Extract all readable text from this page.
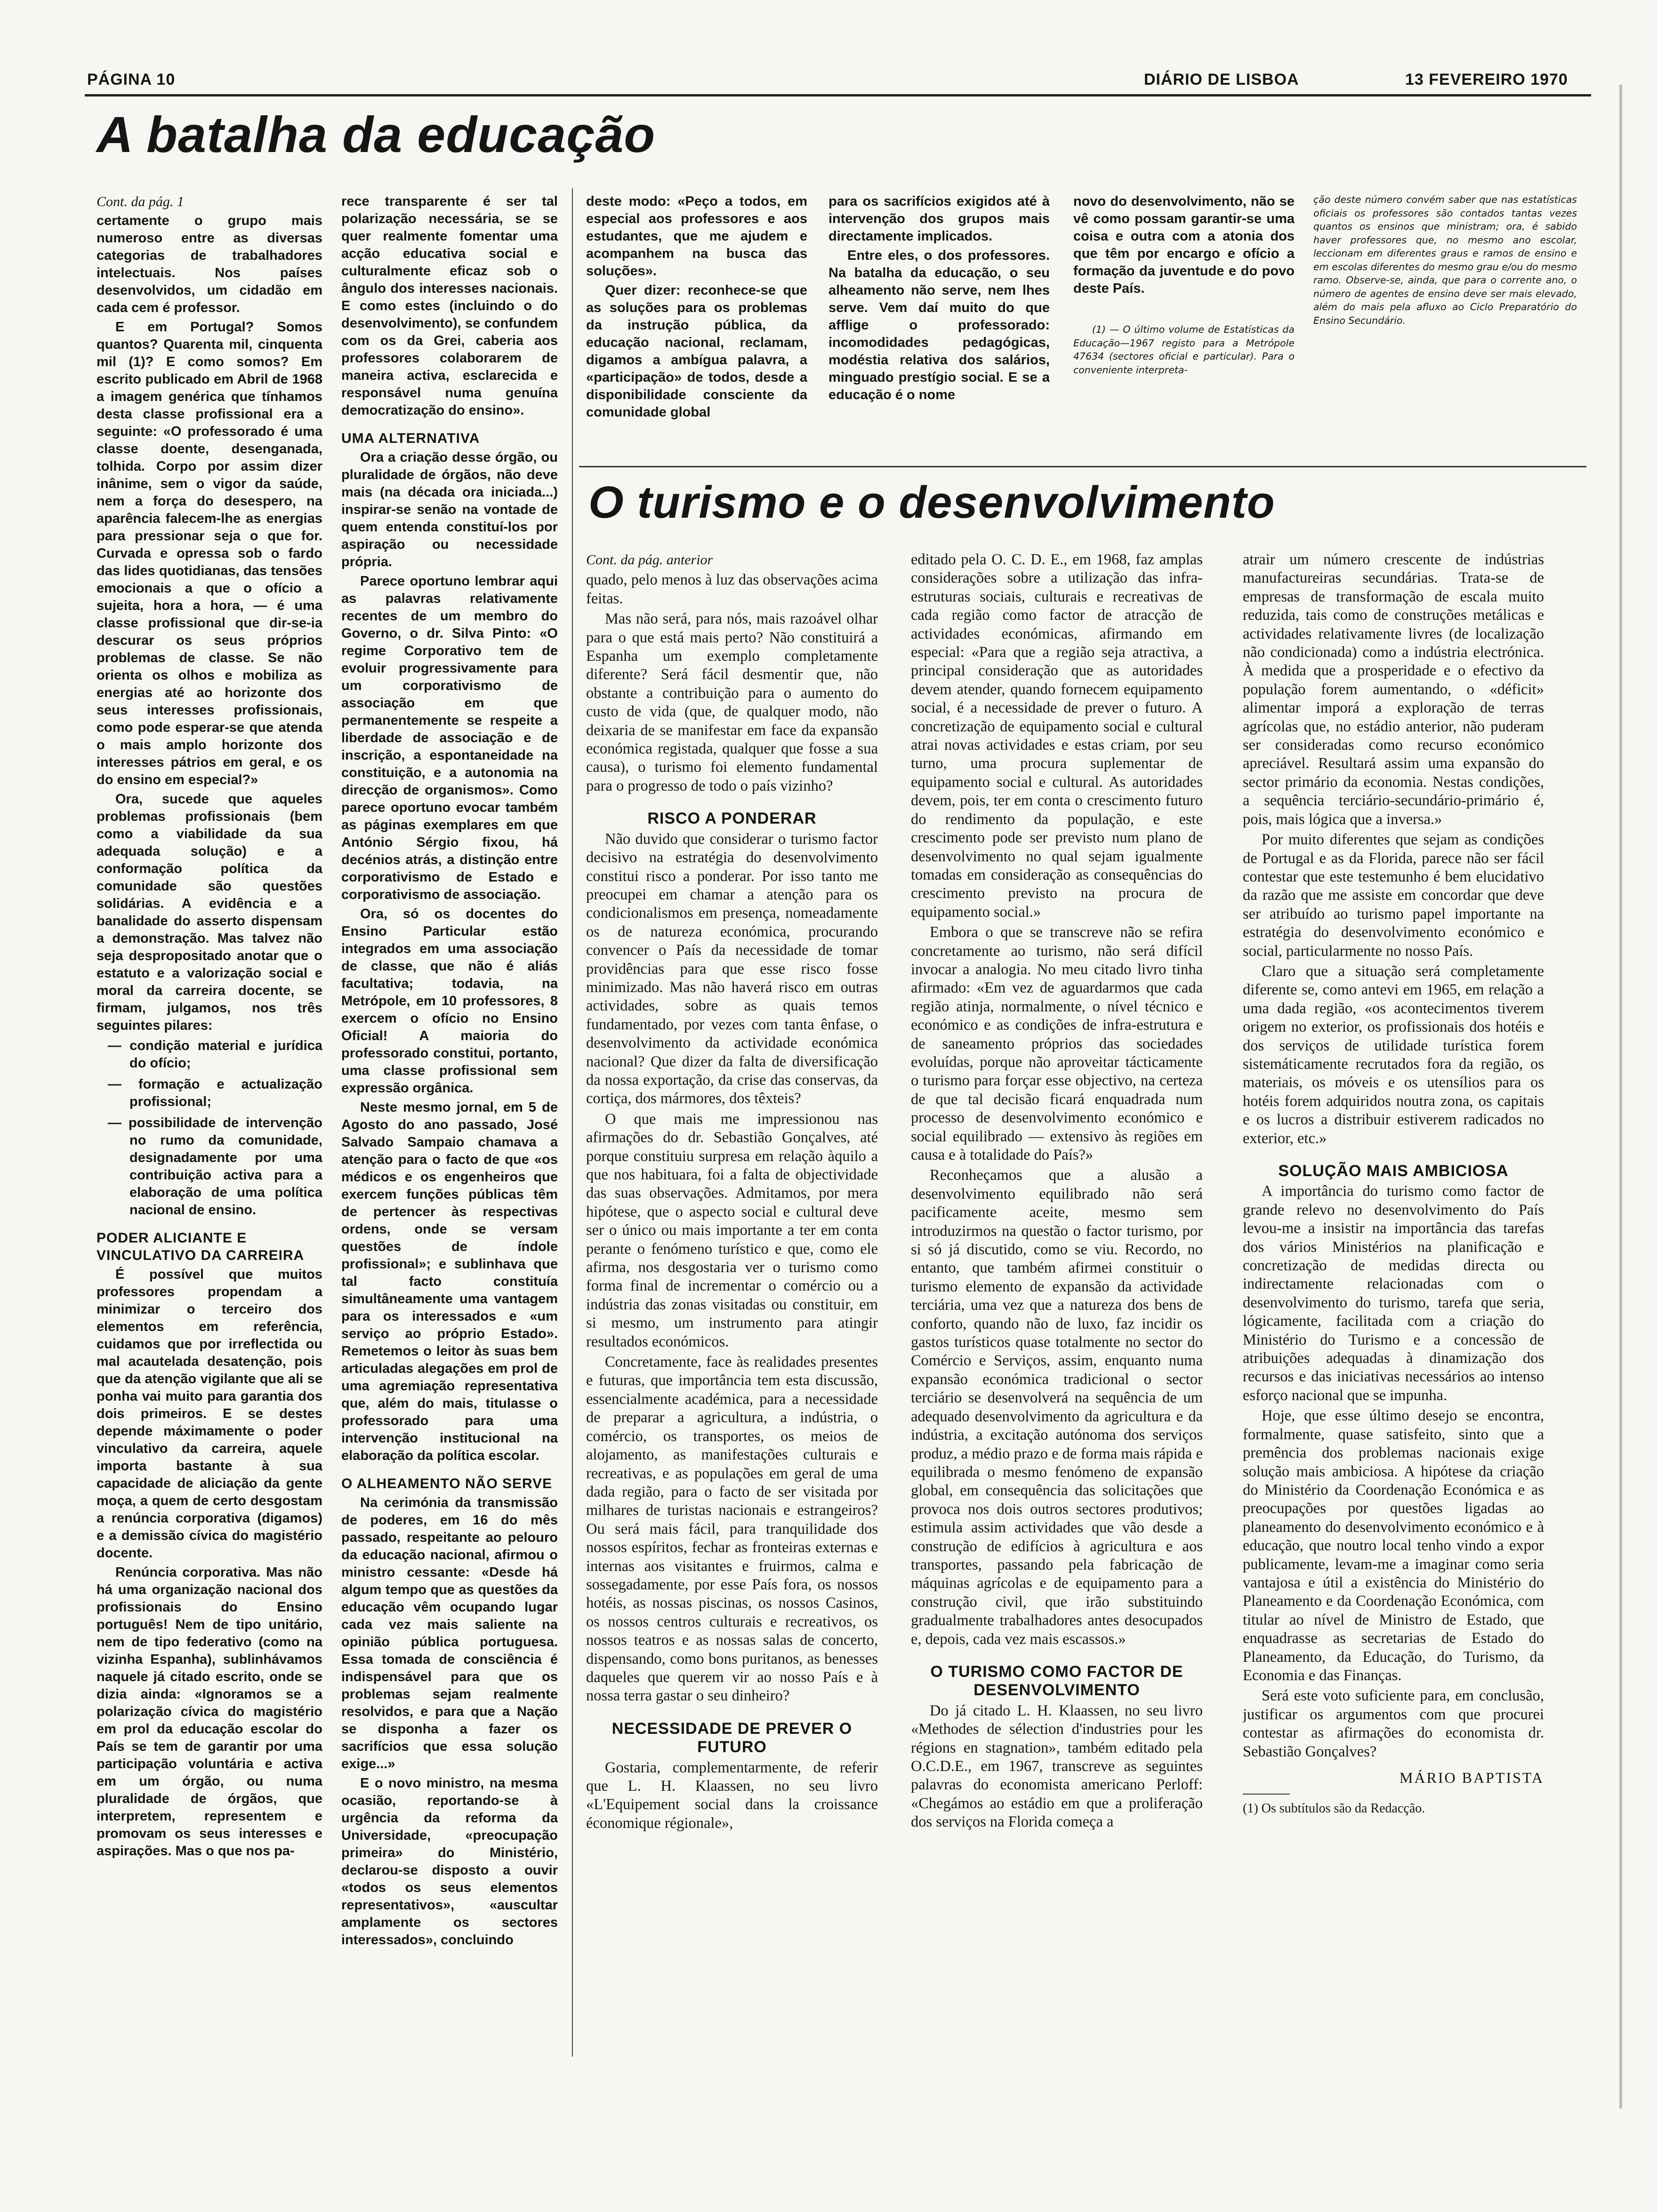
PÁGINA 10	DIÁRIO DE LISBOA	13 FEVEREIRO 1970
A batalha da educação

Cont. da pág. 1

certamente o grupo mais numeroso entre as diversas categorias de trabalhadores intelectuais. Nos países desenvolvidos, um cidadão em cada cem é professor.

E em Portugal? Somos quantos? Quarenta mil, cinquenta mil (1)? E como somos? Em escrito publicado em Abril de 1968 a imagem genérica que tínhamos desta classe profissional era a seguinte: «O professorado é uma classe doente, desenganada, tolhida. Corpo por assim dizer inânime, sem o vigor da saúde, nem a força do desespero, na aparência falecem-lhe as energias para pressionar seja o que for. Curvada e opressa sob o fardo das lides quotidianas, das tensões emocionais a que o ofício a sujeita, hora a hora, — é uma classe profissional que dir-se-ia descurar os seus próprios problemas de classe. Se não orienta os olhos e mobiliza as energias até ao horizonte dos seus interesses profissionais, como pode esperar-se que atenda o mais amplo horizonte dos interesses pátrios em geral, e os do ensino em especial?»

Ora, sucede que aqueles problemas profissionais (bem como a viabilidade da sua adequada solução) e a conformação política da comunidade são questões solidárias. A evidência e a banalidade do asserto dispensam a demonstração. Mas talvez não seja despropositado anotar que o estatuto e a valorização social e moral da carreira docente, se firmam, julgamos, nos três seguintes pilares:

— condição material e jurídica do ofício;
— formação e actualização profissional;
— possibilidade de intervenção no rumo da comunidade, designadamente por uma contribuição activa para a elaboração de uma política nacional de ensino.

PODER ALICIANTE E VINCULATIVO DA CARREIRA

É possível que muitos professores propendam a minimizar o terceiro dos elementos em referência, cuidamos que por irreflectida ou mal acautelada desatenção, pois que da atenção vigilante que ali se ponha vai muito para garantia dos dois primeiros. E se destes depende máximamente o poder vinculativo da carreira, aquele importa bastante à sua capacidade de aliciação da gente moça, a quem de certo desgostam a renúncia corporativa (digamos) e a demissão cívica do magistério docente.

Renúncia corporativa. Mas não há uma organização nacional dos profissionais do Ensino português! Nem de tipo unitário, nem de tipo federativo (como na vizinha Espanha), sublinhávamos naquele já citado escrito, onde se dizia ainda: «Ignoramos se a polarização cívica do magistério em prol da educação escolar do País se tem de garantir por uma participação voluntária e activa em um órgão, ou numa pluralidade de órgãos, que interpretem, representem e promovam os seus interesses e aspirações. Mas o que nos pa-

rece transparente é ser tal polarização necessária, se se quer realmente fomentar uma acção educativa social e culturalmente eficaz sob o ângulo dos interesses nacionais. E como estes (incluindo o do desenvolvimento), se confundem com os da Grei, caberia aos professores colaborarem de maneira activa, esclarecida e responsável numa genuína democratização do ensino».

UMA ALTERNATIVA

Ora a criação desse órgão, ou pluralidade de órgãos, não deve mais (na década ora iniciada...) inspirar-se senão na vontade de quem entenda constituí-los por aspiração ou necessidade própria.

Parece oportuno lembrar aqui as palavras relativamente recentes de um membro do Governo, o dr. Silva Pinto: «O regime Corporativo tem de evoluir progressivamente para um corporativismo de associação em que permanentemente se respeite a liberdade de associação e de inscrição, a espontaneidade na constituição, e a autonomia na direcção de organismos». Como parece oportuno evocar também as páginas exemplares em que António Sérgio fixou, há decénios atrás, a distinção entre corporativismo de Estado e corporativismo de associação.

Ora, só os docentes do Ensino Particular estão integrados em uma associação de classe, que não é aliás facultativa; todavia, na Metrópole, em 10 professores, 8 exercem o ofício no Ensino Oficial! A maioria do professorado constitui, portanto, uma classe profissional sem expressão orgânica.

Neste mesmo jornal, em 5 de Agosto do ano passado, José Salvado Sampaio chamava a atenção para o facto de que «os médicos e os engenheiros que exercem funções públicas têm de pertencer às respectivas ordens, onde se versam questões de índole profissional»; e sublinhava que tal facto constituía simultâneamente uma vantagem para os interessados e «um serviço ao próprio Estado». Remetemos o leitor às suas bem articuladas alegações em prol de uma agremiação representativa que, além do mais, titulasse o professorado para uma intervenção institucional na elaboração da política escolar.

O ALHEAMENTO NÃO SERVE

Na cerimónia da transmissão de poderes, em 16 do mês passado, respeitante ao pelouro da educação nacional, afirmou o ministro cessante: «Desde há algum tempo que as questões da educação vêm ocupando lugar cada vez mais saliente na opinião pública portuguesa. Essa tomada de consciência é indispensável para que os problemas sejam realmente resolvidos, e para que a Nação se disponha a fazer os sacrifícios que essa solução exige...»

E o novo ministro, na mesma ocasião, reportando-se à urgência da reforma da Universidade, «preocupação primeira» do Ministério, declarou-se disposto a ouvir «todos os seus elementos representativos», «auscultar amplamente os sectores interessados», concluindo

deste modo: «Peço a todos, em especial aos professores e aos estudantes, que me ajudem e acompanhem na busca das soluções».

Quer dizer: reconhece-se que as soluções para os problemas da instrução pública, da educação nacional, reclamam, digamos a ambígua palavra, a «participação» de todos, desde a disponibilidade consciente da comunidade global

para os sacrifícios exigidos até à intervenção dos grupos mais directamente implicados.

Entre eles, o dos professores. Na batalha da educação, o seu alheamento não serve, nem lhes serve. Vem daí muito do que afflige o professorado: incomodidades pedagógicas, modéstia relativa dos salários, minguado prestígio social. E se a educação é o nome

novo do desenvolvimento, não se vê como possam garantir-se uma coisa e outra com a atonia dos que têm por encargo e ofício a formação da juventude e do povo deste País.

(1) — O último volume de Estatísticas da Educação—1967 registo para a Metrópole 47634 (sectores oficial e particular). Para o conveniente interpreta-

ção deste número convém saber que nas estatísticas oficiais os professores são contados tantas vezes quantos os ensinos que ministram; ora, é sabido haver professores que, no mesmo ano escolar, leccionam em diferentes graus e ramos de ensino e em escolas diferentes do mesmo grau e/ou do mesmo ramo. Observe-se, ainda, que para o corrente ano, o número de agentes de ensino deve ser mais elevado, além do mais pela afluxo ao Ciclo Preparatório do Ensino Secundário.

O turismo e o desenvolvimento

Cont. da pág. anterior

quado, pelo menos à luz das observações acima feitas.

Mas não será, para nós, mais razoável olhar para o que está mais perto? Não constituirá a Espanha um exemplo completamente diferente? Será fácil desmentir que, não obstante a contribuição para o aumento do custo de vida (que, de qualquer modo, não deixaria de se manifestar em face da expansão económica registada, qualquer que fosse a sua causa), o turismo foi elemento fundamental para o progresso de todo o país vizinho?

RISCO A PONDERAR

Não duvido que considerar o turismo factor decisivo na estratégia do desenvolvimento constitui risco a ponderar. Por isso tanto me preocupei em chamar a atenção para os condicionalismos em presença, nomeadamente os de natureza económica, procurando convencer o País da necessidade de tomar providências para que esse risco fosse minimizado. Mas não haverá risco em outras actividades, sobre as quais temos fundamentado, por vezes com tanta ênfase, o desenvolvimento da actividade económica nacional? Que dizer da falta de diversificação da nossa exportação, da crise das conservas, da cortiça, dos mármores, dos têxteis?

O que mais me impressionou nas afirmações do dr. Sebastião Gonçalves, até porque constituiu surpresa em relação àquilo a que nos habituara, foi a falta de objectividade das suas observações. Admitamos, por mera hipótese, que o aspecto social e cultural deve ser o único ou mais importante a ter em conta perante o fenómeno turístico e que, como ele afirma, nos desgostaria ver o turismo como forma final de incrementar o comércio ou a indústria das zonas visitadas ou constituir, em si mesmo, um instrumento para atingir resultados económicos.

Concretamente, face às realidades presentes e futuras, que importância tem esta discussão, essencialmente académica, para a necessidade de preparar a agricultura, a indústria, o comércio, os transportes, os meios de alojamento, as manifestações culturais e recreativas, e as populações em geral de uma dada região, para o facto de ser visitada por milhares de turistas nacionais e estrangeiros? Ou será mais fácil, para tranquilidade dos nossos espíritos, fechar as fronteiras externas e internas aos visitantes e fruirmos, calma e sossegadamente, por esse País fora, os nossos hotéis, as nossas piscinas, os nossos Casinos, os nossos centros culturais e recreativos, os nossos teatros e as nossas salas de concerto, dispensando, como bons puritanos, as benesses daqueles que querem vir ao nosso País e à nossa terra gastar o seu dinheiro?

NECESSIDADE DE PREVER O FUTURO

Gostaria, complementarmente, de referir que L. H. Klaassen, no seu livro «L'Equipement social dans la croissance économique régionale»,

editado pela O. C. D. E., em 1968, faz amplas considerações sobre a utilização das infra-estruturas sociais, culturais e recreativas de cada região como factor de atracção de actividades económicas, afirmando em especial: «Para que a região seja atractiva, a principal consideração que as autoridades devem atender, quando fornecem equipamento social, é a necessidade de prever o futuro. A concretização de equipamento social e cultural atrai novas actividades e estas criam, por seu turno, uma procura suplementar de equipamento social e cultural. As autoridades devem, pois, ter em conta o crescimento futuro do rendimento da população, e este crescimento pode ser previsto num plano de desenvolvimento no qual sejam igualmente tomadas em consideração as consequências do crescimento previsto na procura de equipamento social.»

Embora o que se transcreve não se refira concretamente ao turismo, não será difícil invocar a analogia. No meu citado livro tinha afirmado: «Em vez de aguardarmos que cada região atinja, normalmente, o nível técnico e económico e as condições de infra-estrutura e de saneamento próprios das sociedades evoluídas, porque não aproveitar tácticamente o turismo para forçar esse objectivo, na certeza de que tal decisão ficará enquadrada num processo de desenvolvimento económico e social equilibrado — extensivo às regiões em causa e à totalidade do País?»

Reconheçamos que a alusão a desenvolvimento equilibrado não será pacificamente aceite, mesmo sem introduzirmos na questão o factor turismo, por si só já discutido, como se viu. Recordo, no entanto, que também afirmei constituir o turismo elemento de expansão da actividade terciária, uma vez que a natureza dos bens de conforto, quando não de luxo, faz incidir os gastos turísticos quase totalmente no sector do Comércio e Serviços, assim, enquanto numa expansão económica tradicional o sector terciário se desenvolverá na sequência de um adequado desenvolvimento da agricultura e da indústria, a excitação autónoma dos serviços produz, a médio prazo e de forma mais rápida e equilibrada o mesmo fenómeno de expansão global, em consequência das solicitações que provoca nos dois outros sectores produtivos; estimula assim actividades que vão desde a construção de edifícios à agricultura e aos transportes, passando pela fabricação de máquinas agrícolas e de equipamento para a construção civil, que irão substituindo gradualmente trabalhadores antes desocupados e, depois, cada vez mais escassos.»

O TURISMO COMO FACTOR DE DESENVOLVIMENTO

Do já citado L. H. Klaassen, no seu livro «Methodes de sélection d'industries pour les régions en stagnation», também editado pela O.C.D.E., em 1967, transcreve as seguintes palavras do economista americano Perloff: «Chegámos ao estádio em que a proliferação dos serviços na Florida começa a

atrair um número crescente de indústrias manufactureiras secundárias. Trata-se de empresas de transformação de escala muito reduzida, tais como de construções metálicas e actividades relativamente livres (de localização não condicionada) como a indústria electrónica. À medida que a prosperidade e o efectivo da população forem aumentando, o «déficit» alimentar imporá a exploração de terras agrícolas que, no estádio anterior, não puderam ser consideradas como recurso económico apreciável. Resultará assim uma expansão do sector primário da economia. Nestas condições, a sequência terciário-secundário-primário é, pois, mais lógica que a inversa.»

Por muito diferentes que sejam as condições de Portugal e as da Florida, parece não ser fácil contestar que este testemunho é bem elucidativo da razão que me assiste em concordar que deve ser atribuído ao turismo papel importante na estratégia do desenvolvimento económico e social, particularmente no nosso País.

Claro que a situação será completamente diferente se, como antevi em 1965, em relação a uma dada região, «os acontecimentos tiverem origem no exterior, os profissionais dos hotéis e dos serviços de utilidade turística forem sistemáticamente recrutados fora da região, os materiais, os móveis e os utensílios para os hotéis forem adquiridos noutra zona, os capitais e os lucros a distribuir estiverem radicados no exterior, etc.»

SOLUÇÃO MAIS AMBICIOSA

A importância do turismo como factor de grande relevo no desenvolvimento do País levou-me a insistir na importância das tarefas dos vários Ministérios na planificação e concretização de medidas directa ou indirectamente relacionadas com o desenvolvimento do turismo, tarefa que seria, lógicamente, facilitada com a criação do Ministério do Turismo e a concessão de atribuições adequadas à dinamização dos recursos e das iniciativas necessários ao intenso esforço nacional que se impunha.

Hoje, que esse último desejo se encontra, formalmente, quase satisfeito, sinto que a premência dos problemas nacionais exige solução mais ambiciosa. A hipótese da criação do Ministério da Coordenação Económica e as preocupações por questões ligadas ao planeamento do desenvolvimento económico e à educação, que noutro local tenho vindo a expor publicamente, levam-me a imaginar como seria vantajosa e útil a existência do Ministério do Planeamento e da Coordenação Económica, com titular ao nível de Ministro de Estado, que enquadrasse as secretarias de Estado do Planeamento, da Educação, do Turismo, da Economia e das Finanças.

Será este voto suficiente para, em conclusão, justificar os argumentos com que procurei contestar as afirmações do economista dr. Sebastião Gonçalves?

MÁRIO BAPTISTA

(1) Os subtítulos são da Redacção.
